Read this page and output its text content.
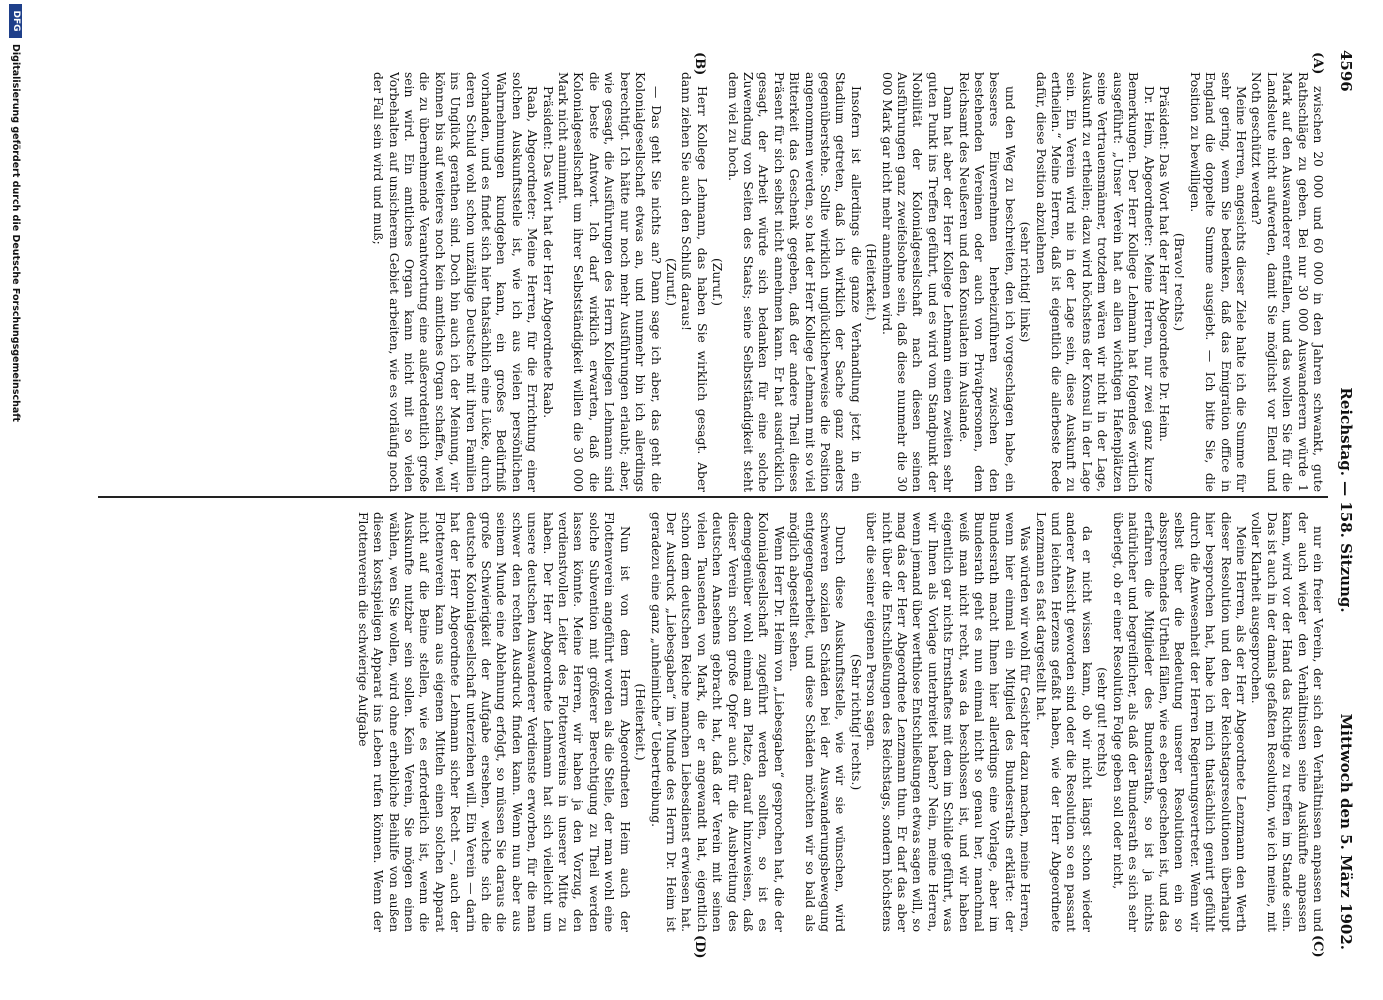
4596
Reichstag. — 158. Sitzung.
Mittwoch den 5. März 1902.
(A)
(B)
(C)
(D)

zwischen 20 000 und 60 000 in den Jahren schwankt, gute Rathschläge zu geben. Bei nur 30 000 Auswanderern würde 1 Mark auf den Auswanderer entfallen, und das wollen Sie für die Landsleute nicht aufwerden, damit Sie möglichst vor Elend und Noth geschützt werden?

Meine Herren, angesichts dieser Ziele halte ich die Summe für sehr gering, wenn Sie bedenken, daß das Emigration office in England die doppelte Summe ausgiebt. — Ich bitte Sie, die Position zu bewilligen.

(Bravo! rechts.)

Präsident: Das Wort hat der Herr Abgeordnete Dr. Heim.

Dr. Heim, Abgeordneter: Meine Herren, nur zwei ganz kurze Bemerkungen. Der Herr Kollege Lehmann hat folgendes wörtlich ausgeführt: „Unser Verein hat an allen wichtigen Hafenplätzen seine Vertrauensmänner, trotzdem wären wir nicht in der Lage, Auskunft zu ertheilen; dazu wird höchstens der Konsul in der Lage sein. Ein Verein wird nie in der Lage sein, diese Auskunft zu ertheilen.“ Meine Herren, daß ist eigentlich die allerbeste Rede dafür, diese Position abzulehnen

(sehr richtig! links)

und den Weg zu beschreiten, den ich vorgeschlagen habe, ein besseres Einvernehmen herbeizuführen zwischen den bestehenden Vereinen oder auch von Privatpersonen, dem Reichsamt des Neußeren und den Konsulaten im Auslande.

Dann hat aber der Herr Kollege Lehmann einen zweiten sehr guten Punkt ins Treffen geführt, und es wird vom Standpunkt der Nobilität der Kolonialgesellschaft nach diesen seinen Ausführungen ganz zweifelsohne sein, daß diese nunmehr die 30 000 Mark gar nicht mehr annehmen wird.

(Heiterkeit.)

Insofern ist allerdings die ganze Verhandlung jetzt in ein Stadium getreten, daß ich wirklich der Sache ganz anders gegenüberstehe. Sollte wirklich unglücklicherweise die Position angenommen werden, so hat der Herr Kollege Lehmann mit so viel Bitterkeit das Geschenk gegeben, daß der andere Theil dieses Präsent für sich selbst nicht annehmen kann. Er hat ausdrücklich gesagt, der Arbeit würde sich bedanken für eine solche Zuwendung von Seiten des Staats; seine Selbstständigkeit steht dem viel zu hoch.

(Zuruf.)

Herr Kollege Lehmann, das haben Sie wirklich gesagt. Aber dann ziehen Sie auch den Schluß daraus!

(Zuruf.)

— Das geht Sie nichts an? Dann sage ich aber, das geht die Kolonialgesellschaft etwas an, und nunmehr bin ich allerdings berechtigt. Ich hätte nur noch mehr Ausführungen erlaubt; aber, wie gesagt, die Ausführungen des Herrn Kollegen Lehmann sind die beste Antwort. Ich darf wirklich erwarten, daß die Kolonialgesellschaft um ihrer Selbstständigkeit willen die 30 000 Mark nicht annimmt.

Präsident: Das Wort hat der Herr Abgeordnete Raab.

Raab, Abgeordneter: Meine Herren, für die Errichtung einer solchen Auskunftsstelle ist, wie ich aus vielen persönlichen Wahrnehmungen kundgeben kann, ein großes Bedürfniß vorhanden, und es findet sich hier thatsächlich eine Lücke, durch deren Schuld wohl schon unzählige Deutsche mit ihren Familien ins Unglück gerathen sind. Doch bin auch ich der Meinung, wir können bis auf weiteres noch kein amtliches Organ schaffen, weil die zu übernehmende Verantwortung eine außerordentlich große sein wird. Ein amtliches Organ kann nicht mit so vielen Vorbehalten auf unsicherem Gebiet arbeiten, wie es vorläufig noch der Fall sein wird und muß;

nur ein freier Verein, der sich den Verhältnissen anpassen und der auch wieder den Verhältnissen seine Auskünfte anpassen kann, wird vor der Hand das Richtige zu treffen im Stande sein. Das ist auch in der damals gefaßten Resolution, wie ich meine, mit voller Klarheit ausgesprochen.

Meine Herren, als der Herr Abgeordnete Lenzmann den Werth dieser Resolution und den der Reichstagsresolutionen überhaupt hier besprochen hat, habe ich mich thatsächlich genirt gefühlt durch die Anwesenheit der Herren Regierungsvertreter. Wenn wir selbst über die Bedeutung unserer Resolutionen ein so abssprechendes Urtheil fällen, wie es eben geschehen ist, und das erfahren die Mitglieder des Bundesraths, so ist ja nichts natürlicher und begreiflicher, als daß der Bundesrath es sich sehr überlegt, ob er einer Resolution Folge geben soll oder nicht,

(sehr gut! rechts)

da er nicht wissen kann, ob wir nicht längst schon wieder anderer Ansicht geworden sind oder die Resolution so en passant und leichten Herzens gefaßt haben, wie der Herr Abgeordnete Lenzmann es fast dargestellt hat.

Was würden wir wohl für Gesichter dazu machen, meine Herren, wenn hier einmal ein Mitglied des Bundesraths erklärte: der Bundesrath macht Ihnen hier allerdings eine Vorlage, aber im Bundesrath geht es nun einmal nicht so genau her, manchmal weiß man nicht recht, was da beschlossen ist, und wir haben eigentlich gar nichts Ernsthaftes mit dem im Schilde geführt, was wir Ihnen als Vorlage unterbreitet haben? Nein, meine Herren, wenn jemand über werthlose Entschließungen etwas sagen will, so mag das der Herr Abgeordnete Lenzmann thun. Er darf das aber nicht über die Entschließungen des Reichstags, sondern höchstens über die seiner eigenen Person sagen.

(Sehr richtig! rechts.)

Durch diese Auskunftsstelle, wie wir sie wünschen, wird schweren sozialen Schäden bei der Auswanderungsbewegung entgegengearbeitet, und diese Schäden möchten wir so bald als möglich abgestellt sehen.

Wenn Herr Dr. Heim von „Liebesgaben“ gesprochen hat, die der Kolonialgesellschaft zugeführt werden sollten, so ist es demgegenüber wohl einmal am Platze, darauf hinzuweisen, daß dieser Verein schon große Opfer auch für die Ausbreitung des deutschen Ansehens gebracht hat, daß der Verein mit seinen vielen Tausenden von Mark, die er angewandt hat, eigentlich schon dem deutschen Reiche manchen Liebesdienst erwiesen hat. Der Ausdruck „Liebesgaben“ im Munde des Herrn Dr. Heim ist geradezu eine ganz „unheimliche“ Uebertreibung.

(Heiterkeit.)

Nun ist von dem Herrn Abgeordneten Heim auch der Flottenverein angeführt worden als die Stelle, der man wohl eine solche Subvention mit größerer Berechtigung zu Theil werden lassen könnte. Meine Herren, wir haben ja den Vorzug, den verdienstvollen Leiter des Flottenvereins in unserer Mitte zu haben. Der Herr Abgeordnete Lehmann hat sich vielleicht um unsere deutschen Auswanderer Verdienste erworben, für die man schwer den rechten Ausdruck finden kann. Wenn nun aber aus seinem Munde eine Ablehnung erfolgt, so müssen Sie daraus die große Schwierigkeit der Aufgabe ersehen, welche sich die deutsche Kolonialgesellschaft unterziehen will. Ein Verein — darin hat der Herr Abgeordnete Lehmann sicher Recht —, auch der Flottenverein kann aus eigenen Mitteln einen solchen Apparat nicht auf die Beine stellen, wie es erforderlich ist, wenn die Auskunfte nutzbar sein sollen. Kein Verein, Sie mögen einen wählen, wen Sie wollen, wird ohne erhebliche Beihilfe von außen diesen kostspieligen Apparat ins Leben rufen können. Wenn der Flottenverein die schwierige Aufgabe

DFG
Digitalisierung gefördert durch die Deutsche Forschungsgemeinschaft
